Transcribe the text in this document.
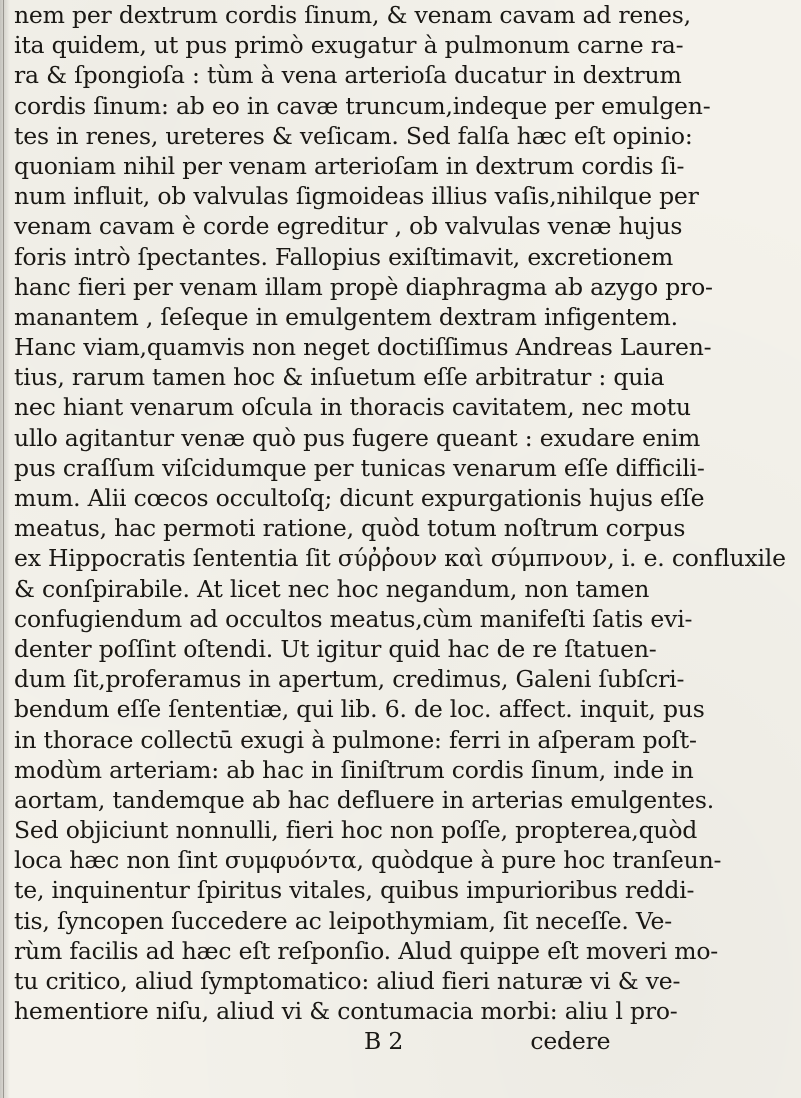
nem per dextrum cordis ſinum, & venam cavam ad renes,
ita quidem, ut pus primò exugatur à pulmonum carne ra-
ra & ſpongioſa : tùm à vena arterioſa ducatur in dextrum
cordis ſinum: ab eo in cavæ truncum,indeque per emulgen-
tes in renes, ureteres & veſicam. Sed falſa hæc eſt opinio:
quoniam nihil per venam arterioſam in dextrum cordis ſi-
num influit, ob valvulas ſigmoideas illius vaſis,nihilque per
venam cavam è corde egreditur , ob valvulas venæ hujus
foris intrò ſpectantes. Fallopius exiſtimavit, excretionem
hanc fieri per venam illam propè diaphragma ab azygo pro-
manantem , ſeſeque in emulgentem dextram infigentem.
Hanc viam,quamvis non neget doctiſſimus Andreas Lauren-
tius, rarum tamen hoc & inſuetum eſſe arbitratur : quia
nec hiant venarum oſcula in thoracis cavitatem, nec motu
ullo agitantur venæ quò pus fugere queant : exudare enim
pus craſſum viſcidumque per tunicas venarum eſſe difficili-
mum. Alii cœcos occultoſq; dicunt expurgationis hujus eſſe
meatus, hac permoti ratione, quòd totum noſtrum corpus
ex Hippocratis ſententia ſit σύῤῥουν καὶ σύμπνουν, i. e. confluxile
& conſpirabile. At licet nec hoc negandum, non tamen
confugiendum ad occultos meatus,cùm manifeſti ſatis evi-
denter poſſint oſtendi. Ut igitur quid hac de re ſtatuen-
dum ſit,proferamus in apertum, credimus, Galeni ſubſcri-
bendum eſſe ſententiæ, qui lib. 6. de loc. affect. inquit, pus
in thorace collectū exugi à pulmone: ferri in aſperam poſt-
modùm arteriam: ab hac in ſiniſtrum cordis ſinum, inde in
aortam, tandemque ab hac defluere in arterias emulgentes.
Sed objiciunt nonnulli, fieri hoc non poſſe, propterea,quòd
loca hæc non ſint συμφυόντα, quòdque à pure hoc tranſeun-
te, inquinentur ſpiritus vitales, quibus impurioribus reddi-
tis, ſyncopen ſuccedere ac leipothymiam, ſit neceſſe. Ve-
rùm facilis ad hæc eſt reſponſio. Alud quippe eſt moveri mo-
tu critico, aliud ſymptomatico: aliud fieri naturæ vi & ve-
hementiore niſu, aliud vi & contumacia morbi: aliu l pro-
B 2	cedere
